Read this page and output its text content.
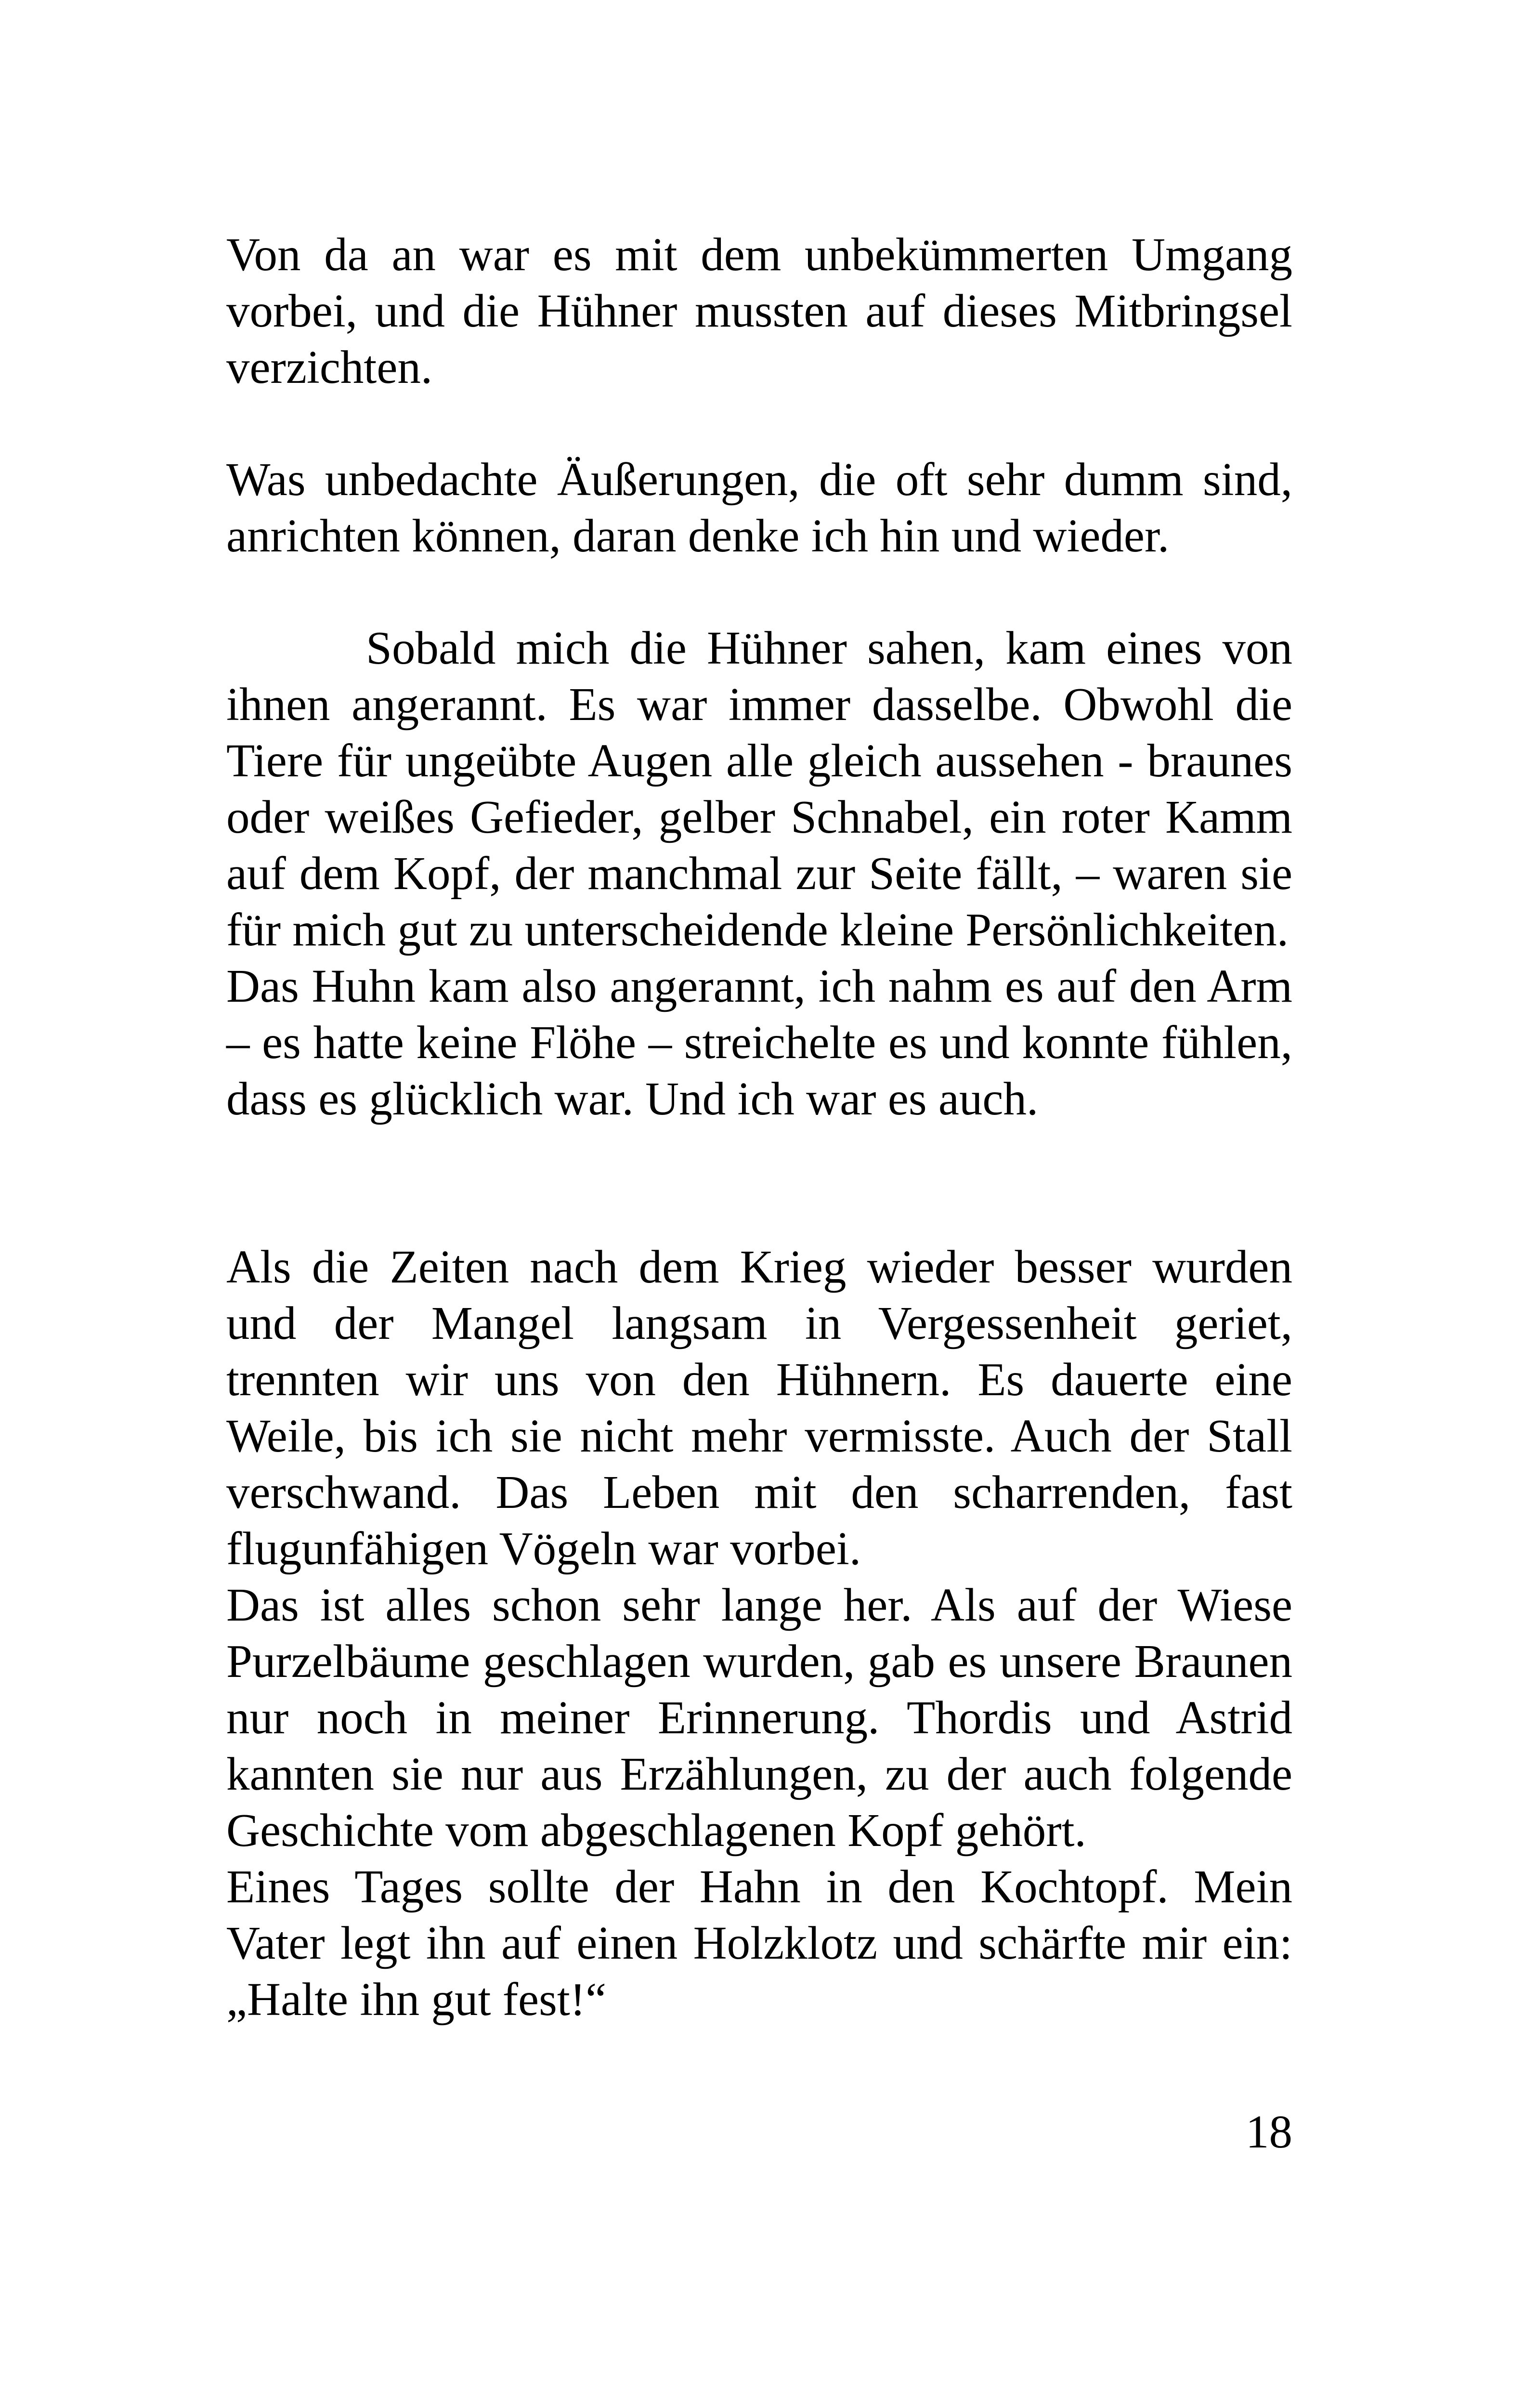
Von da an war es mit dem unbekümmerten Umgang vorbei, und die Hühner mussten auf dieses Mitbringsel verzichten.

Was unbedachte Äußerungen, die oft sehr dumm sind, anrichten können, daran denke ich hin und wieder.

Sobald mich die Hühner sahen, kam eines von ihnen angerannt. Es war immer dasselbe. Obwohl die Tiere für ungeübte Augen alle gleich aussehen - braunes oder weißes Gefieder, gelber Schnabel, ein roter Kamm auf dem Kopf, der manchmal zur Seite fällt, – waren sie für mich gut zu unterscheidende kleine Persönlichkeiten.

Das Huhn kam also angerannt, ich nahm es auf den Arm – es hatte keine Flöhe – streichelte es und konnte fühlen, dass es glücklich war. Und ich war es auch.

Als die Zeiten nach dem Krieg wieder besser wurden und der Mangel langsam in Vergessenheit geriet, trennten wir uns von den Hühnern. Es dauerte eine Weile, bis ich sie nicht mehr vermisste. Auch der Stall verschwand. Das Leben mit den scharrenden, fast flugunfähigen Vögeln war vorbei.

Das ist alles schon sehr lange her. Als auf der Wiese Purzelbäume geschlagen wurden, gab es unsere Braunen nur noch in meiner Erinnerung. Thordis und Astrid kannten sie nur aus Erzählungen, zu der auch folgende Geschichte vom abgeschlagenen Kopf gehört.

Eines Tages sollte der Hahn in den Kochtopf. Mein Vater legt ihn auf einen Holzklotz und schärfte mir ein: „Halte ihn gut fest!“

18
